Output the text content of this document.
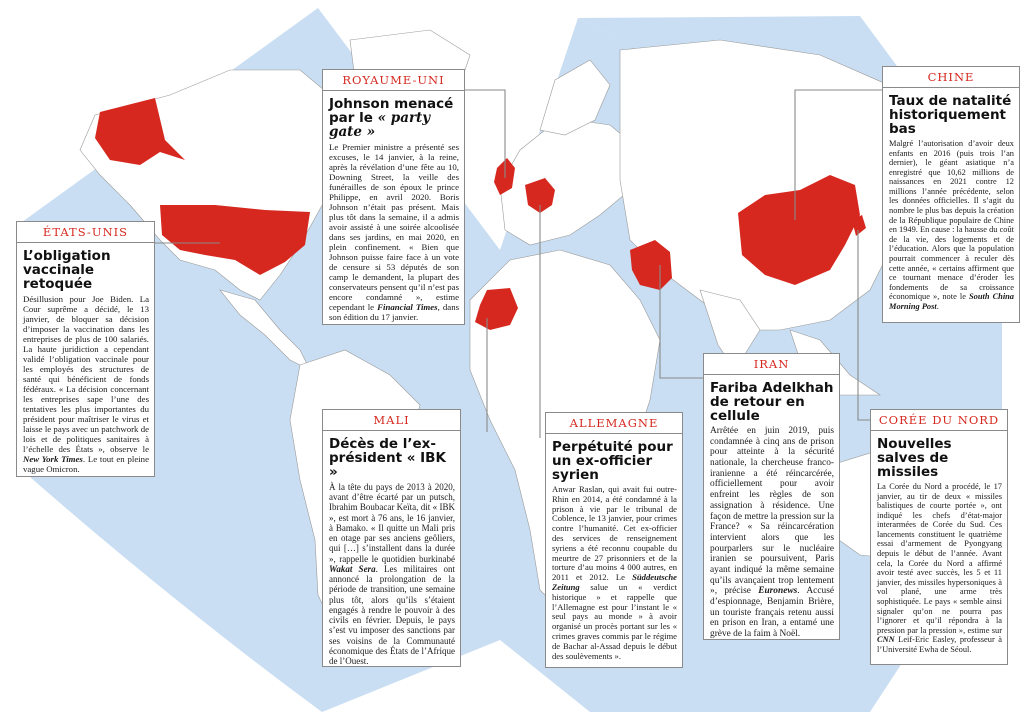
ÉTATS-UNIS
L’obligation vaccinale retoquée

Désillusion pour Joe Biden. La Cour suprême a décidé, le 13 janvier, de bloquer sa décision d’imposer la vaccination dans les entreprises de plus de 100 salariés. La haute juridiction a cependant validé l’obligation vaccinale pour les employés des structures de santé qui bénéficient de fonds fédéraux. « La décision concernant les entreprises sape l’une des tentatives les plus importantes du président pour maîtriser le virus et laisse le pays avec un patchwork de lois et de politiques sanitaires à l’échelle des États », observe le New York Times. Le tout en pleine vague Omicron.

ROYAUME-UNI
Johnson menacé par le « party gate »

Le Premier ministre a présenté ses excuses, le 14 janvier, à la reine, après la révélation d’une fête au 10, Downing Street, la veille des funérailles de son époux le prince Philippe, en avril 2020. Boris Johnson n’était pas présent. Mais plus tôt dans la semaine, il a admis avoir assisté à une soirée alcoolisée dans ses jardins, en mai 2020, en plein confinement. « Bien que Johnson puisse faire face à un vote de censure si 53 députés de son camp le demandent, la plupart des conservateurs pensent qu’il n’est pas encore condamné », estime cependant le Financial Times, dans son édition du 17 janvier.

MALI
Décès de l’ex-président « IBK »

À la tête du pays de 2013 à 2020, avant d’être écarté par un putsch, Ibrahim Boubacar Keïta, dit « IBK », est mort à 76 ans, le 16 janvier, à Bamako. « Il quitte un Mali pris en otage par ses anciens geôliers, qui […] s’installent dans la durée », rappelle le quotidien burkinabé Wakat Sera. Les militaires ont annoncé la prolongation de la période de transition, une semaine plus tôt, alors qu’ils s’étaient engagés à rendre le pouvoir à des civils en février. Depuis, le pays s’est vu imposer des sanctions par ses voisins de la Communauté économique des États de l’Afrique de l’Ouest.

ALLEMAGNE
Perpétuité pour un ex-officier syrien

Anwar Raslan, qui avait fui outre-Rhin en 2014, a été condamné à la prison à vie par le tribunal de Coblence, le 13 janvier, pour crimes contre l’humanité. Cet ex-officier des services de renseignement syriens a été reconnu coupable du meurtre de 27 prisonniers et de la torture d’au moins 4 000 autres, en 2011 et 2012. Le Süddeutsche Zeitung salue un « verdict historique » et rappelle que l’Allemagne est pour l’instant le « seul pays au monde » à avoir organisé un procès portant sur les « crimes graves commis par le régime de Bachar al-Assad depuis le début des soulèvements ».

IRAN
Fariba Adelkhah de retour en cellule

Arrêtée en juin 2019, puis condamnée à cinq ans de prison pour atteinte à la sécurité nationale, la chercheuse franco-iranienne a été réincarcérée, officiellement pour avoir enfreint les règles de son assignation à résidence. Une façon de mettre la pression sur la France? « Sa réincarcération intervient alors que les pourparlers sur le nucléaire iranien se poursuivent, Paris ayant indiqué la même semaine qu’ils avançaient trop lentement », précise Euronews. Accusé d’espionnage, Benjamin Brière, un touriste français retenu aussi en prison en Iran, a entamé une grève de la faim à Noël.

CHINE
Taux de natalité historiquement bas

Malgré l’autorisation d’avoir deux enfants en 2016 (puis trois l’an dernier), le géant asiatique n’a enregistré que 10,62 millions de naissances en 2021 contre 12 millions l’année précédente, selon les données officielles. Il s’agit du nombre le plus bas depuis la création de la République populaire de Chine en 1949. En cause : la hausse du coût de la vie, des logements et de l’éducation. Alors que la population pourrait commencer à reculer dès cette année, « certains affirment que ce tournant menace d’éroder les fondements de sa croissance économique », note le South China Morning Post.

CORÉE DU NORD
Nouvelles salves de missiles

La Corée du Nord a procédé, le 17 janvier, au tir de deux « missiles balistiques de courte portée », ont indiqué les chefs d’état-major interarmées de Corée du Sud. Ces lancements constituent le quatrième essai d’armement de Pyongyang depuis le début de l’année. Avant cela, la Corée du Nord a affirmé avoir testé avec succès, les 5 et 11 janvier, des missiles hypersoniques à vol plané, une arme très sophistiquée. Le pays « semble ainsi signaler qu’on ne pourra pas l’ignorer et qu’il répondra à la pression par la pression », estime sur CNN Leif-Eric Easley, professeur à l’Université Ewha de Séoul.
